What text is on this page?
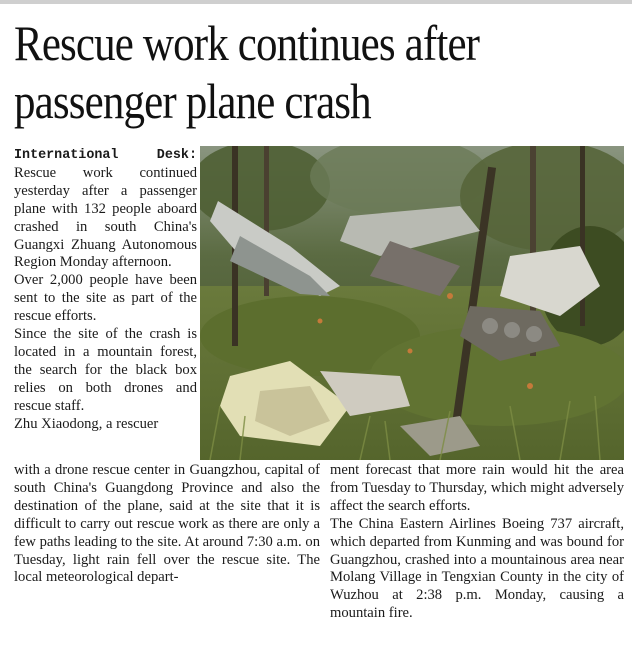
Rescue work continues after
passenger plane crash

International Desk: Rescue work continued yesterday after a passenger plane with 132 people aboard crashed in south China's Guangxi Zhuang Autonomous Region Monday afternoon.

Over 2,000 people have been sent to the site as part of the rescue efforts.

Since the site of the crash is located in a mountain forest, the search for the black box relies on both drones and rescue staff.

Zhu Xiaodong, a rescuer

with a drone rescue center in Guangzhou, capital of south China's Guangdong Province and also the destination of the plane, said at the site that it is difficult to carry out rescue work as there are only a few paths leading to the site. At around 7:30 a.m. on Tuesday, light rain fell over the rescue site. The local meteorological depart-

ment forecast that more rain would hit the area from Tuesday to Thursday, which might adversely affect the search efforts.

The China Eastern Airlines Boeing 737 aircraft, which departed from Kunming and was bound for Guangzhou, crashed into a mountainous area near Molang Village in Tengxian County in the city of Wuzhou at 2:38 p.m. Monday, causing a mountain fire.
